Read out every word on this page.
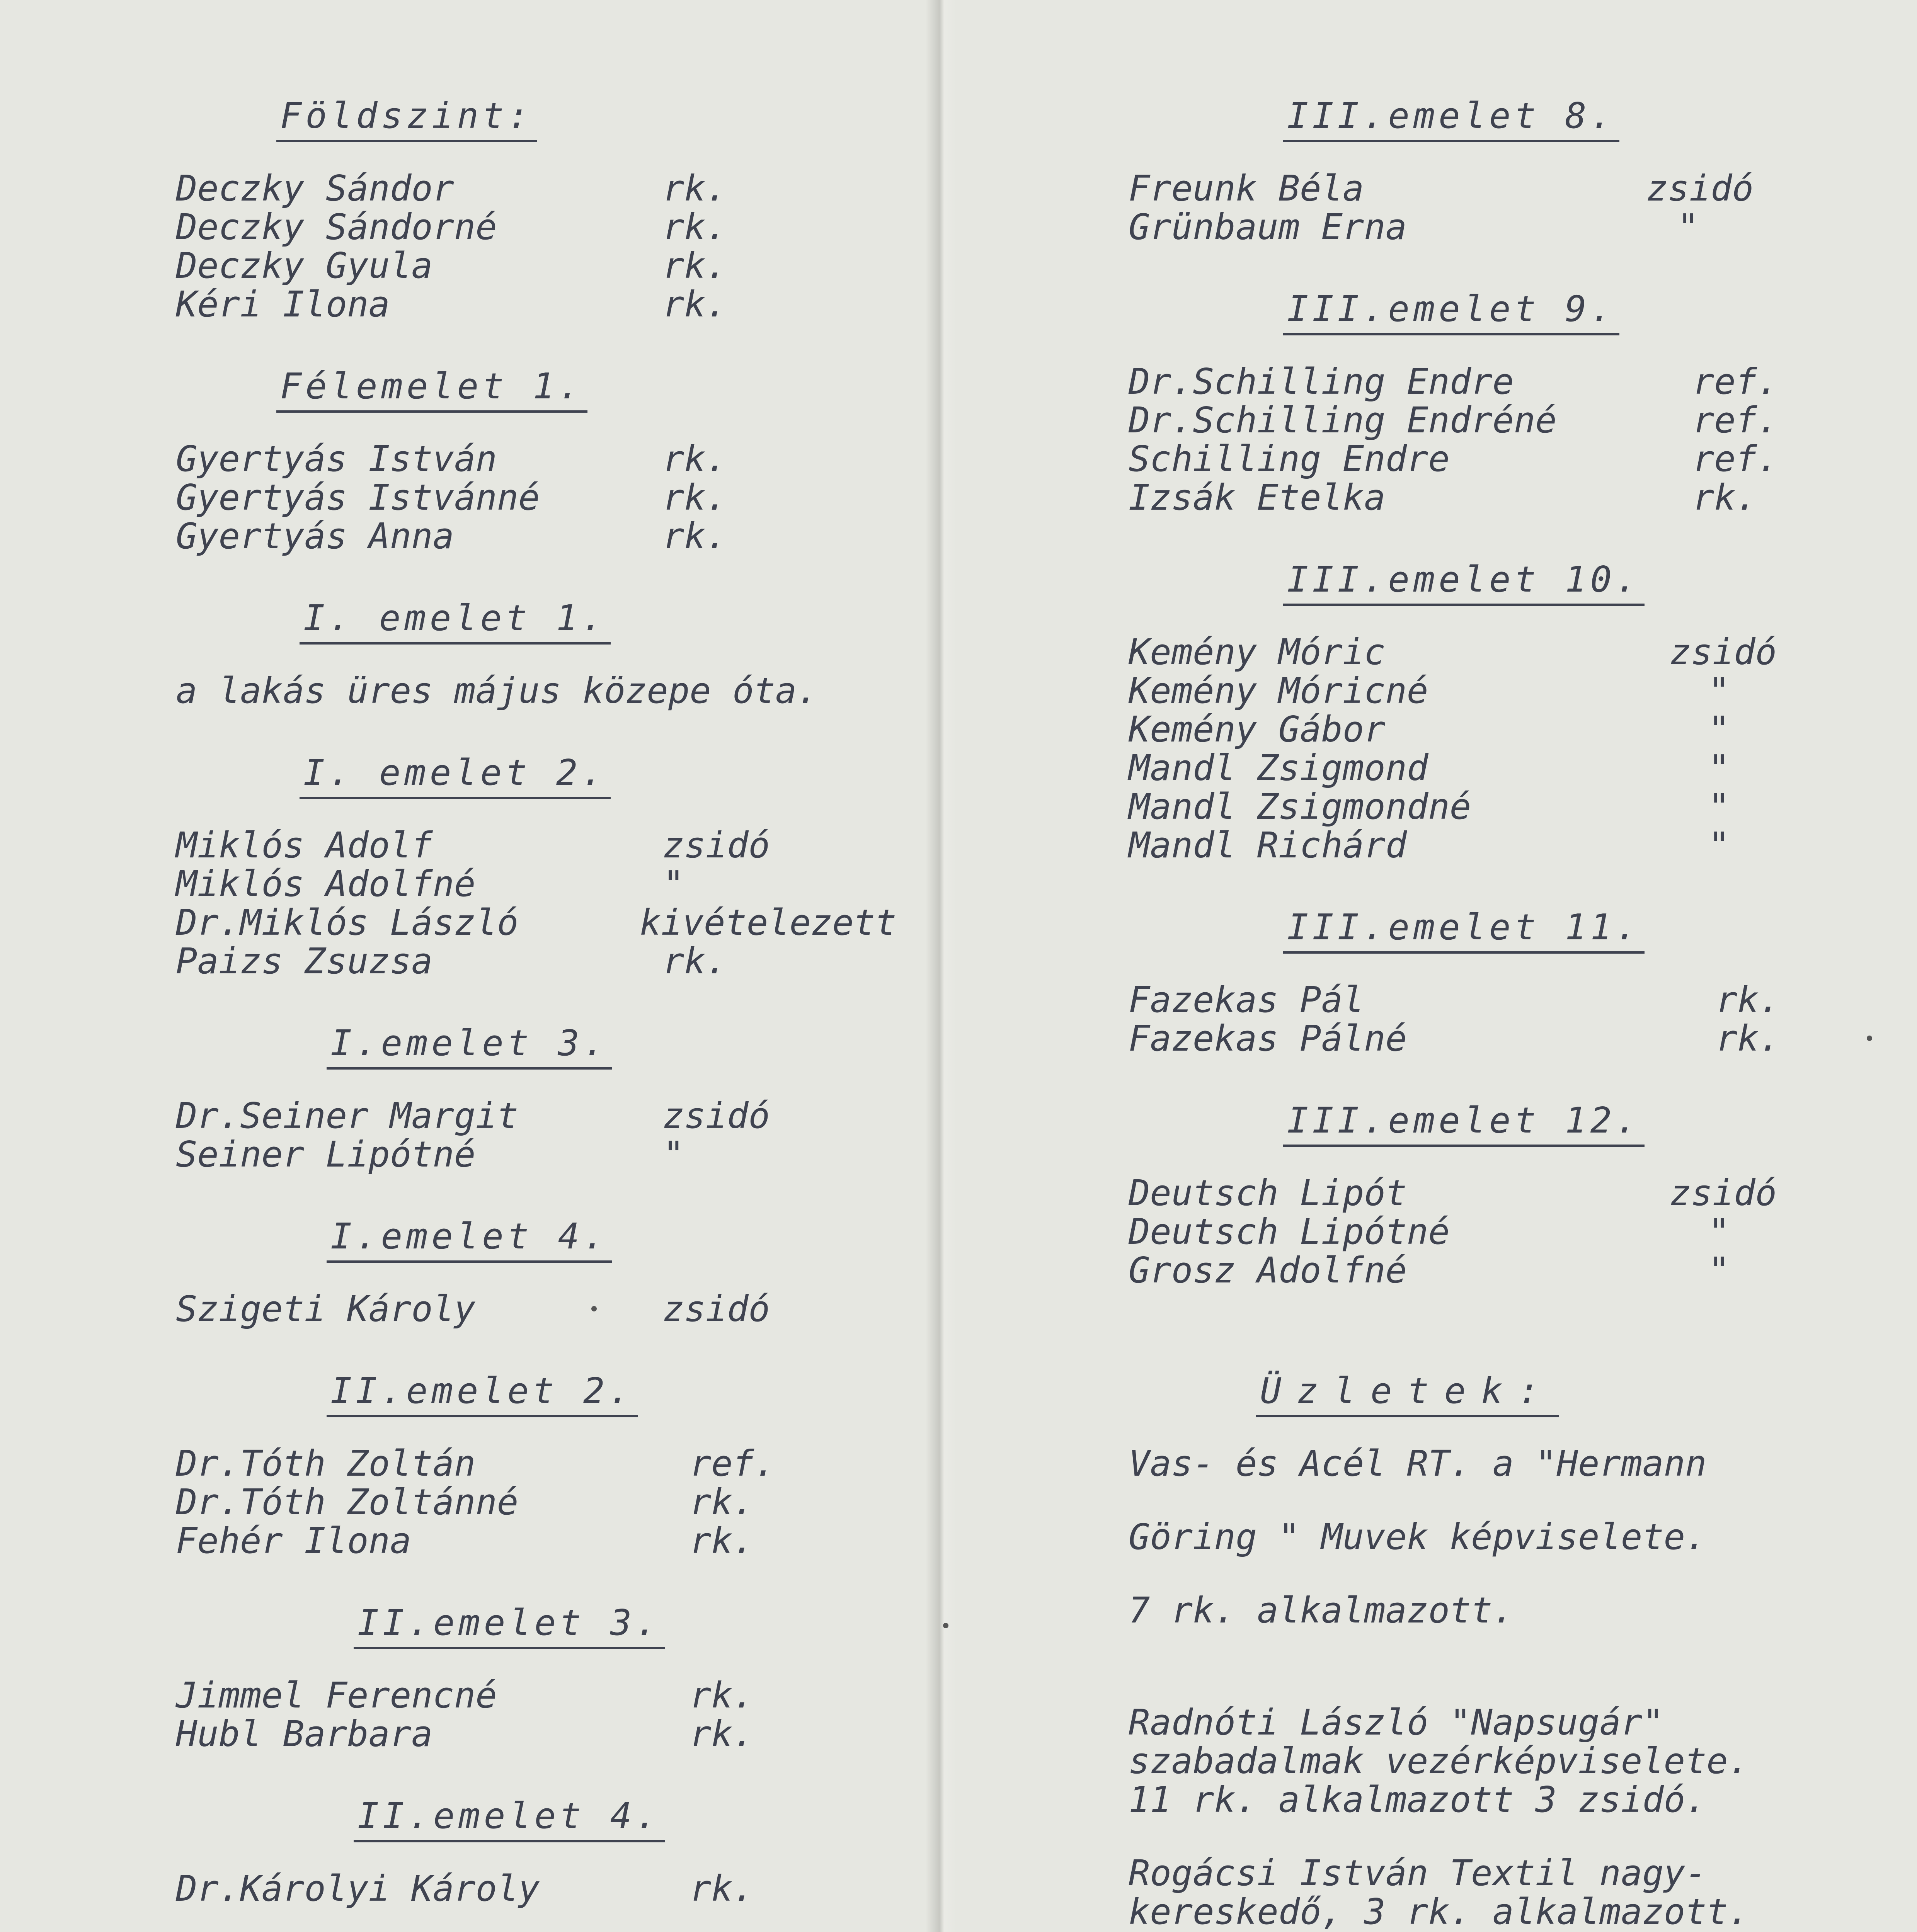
Földszint:
Deczky Sándor	rk.
Deczky Sándorné	rk.
Deczky Gyula	rk.
Kéri Ilona	rk.
Félemelet 1.
Gyertyás István	rk.
Gyertyás Istvánné	rk.
Gyertyás Anna	rk.
I. emelet 1.
a lakás üres május közepe óta.
I. emelet 2.
Miklós Adolf	zsidó
Miklós Adolfné	"
Dr.Miklós László	kivételezett
Paizs Zsuzsa	rk.
I.emelet 3.
Dr.Seiner Margit	zsidó
Seiner Lipótné	"
I.emelet 4.
Szigeti Károly	zsidó
II.emelet 2.
Dr.Tóth Zoltán	ref.
Dr.Tóth Zoltánné	rk.
Fehér Ilona	rk.
II.emelet 3.
Jimmel Ferencné	rk.
Hubl Barbara	rk.
II.emelet 4.
Dr.Károlyi Károly	rk.
III.emelet 8.
Freunk Béla	zsidó
Grünbaum Erna	"
III.emelet 9.
Dr.Schilling Endre	ref.
Dr.Schilling Endréné	ref.
Schilling Endre	ref.
Izsák Etelka	rk.
III.emelet 10.
Kemény Móric	zsidó
Kemény Móricné	"
Kemény Gábor	"
Mandl Zsigmond	"
Mandl Zsigmondné	"
Mandl Richárd	"
III.emelet 11.
Fazekas Pál	rk.
Fazekas Pálné	rk.
III.emelet 12.
Deutsch Lipót	zsidó
Deutsch Lipótné	"
Grosz Adolfné	"
Üzletek:
Vas- és Acél RT. a "Hermann
Göring " Muvek képviselete.
7 rk. alkalmazott.
Radnóti László "Napsugár"
szabadalmak vezérképviselete.
11 rk. alkalmazott 3 zsidó.
Rogácsi István Textil nagy-
kereskedő, 3 rk. alkalmazott.
